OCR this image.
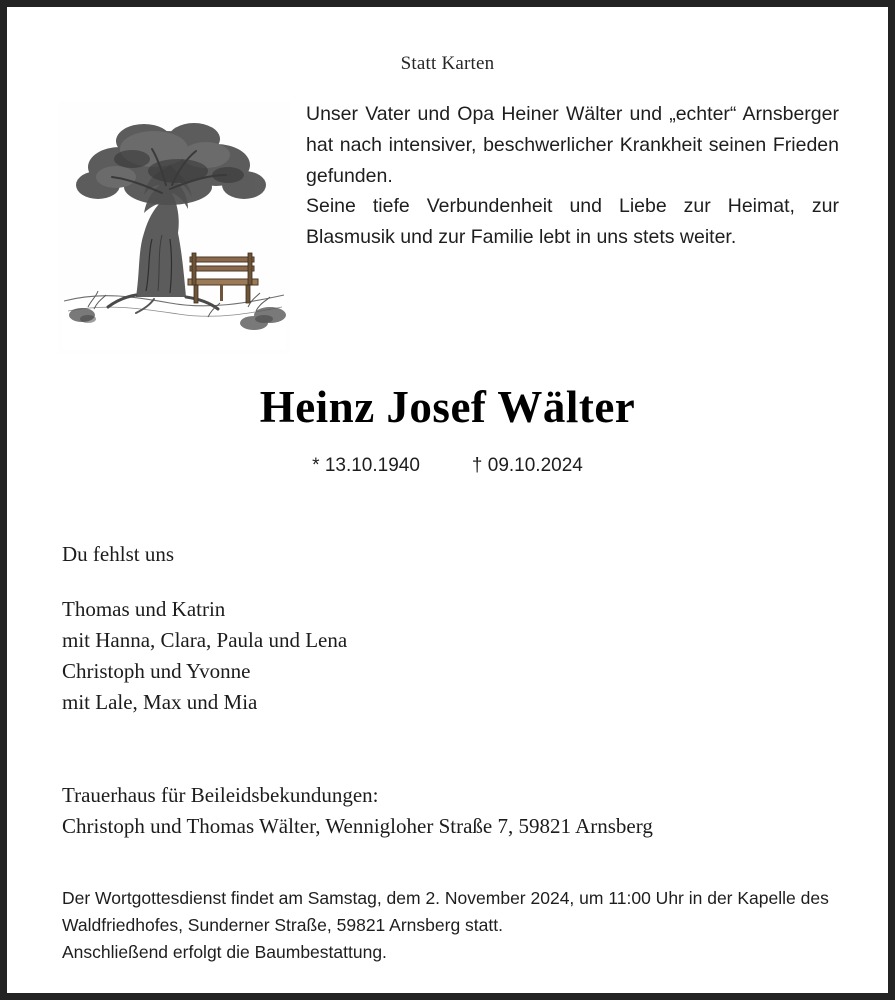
Statt Karten

Unser Vater und Opa Heiner Wälter und „echter“ Arnsberger hat nach intensiver, beschwerlicher Krankheit seinen Frieden gefunden.

Seine tiefe Verbundenheit und Liebe zur Heimat, zur Blasmusik und zur Familie lebt in uns stets weiter.

Heinz Josef Wälter
* 13.10.1940	† 09.10.2024
Du fehlst uns
Thomas und Katrin
mit Hanna, Clara, Paula und Lena
Christoph und Yvonne
mit Lale, Max und Mia
Trauerhaus für Beileidsbekundungen:
Christoph und Thomas Wälter, Wennigloher Straße 7, 59821 Arnsberg

Der Wortgottesdienst findet am Samstag, dem 2. November 2024, um 11:00 Uhr in der Kapelle des Waldfriedhofes, Sunderner Straße, 59821 Arnsberg statt.

Anschließend erfolgt die Baumbestattung.
